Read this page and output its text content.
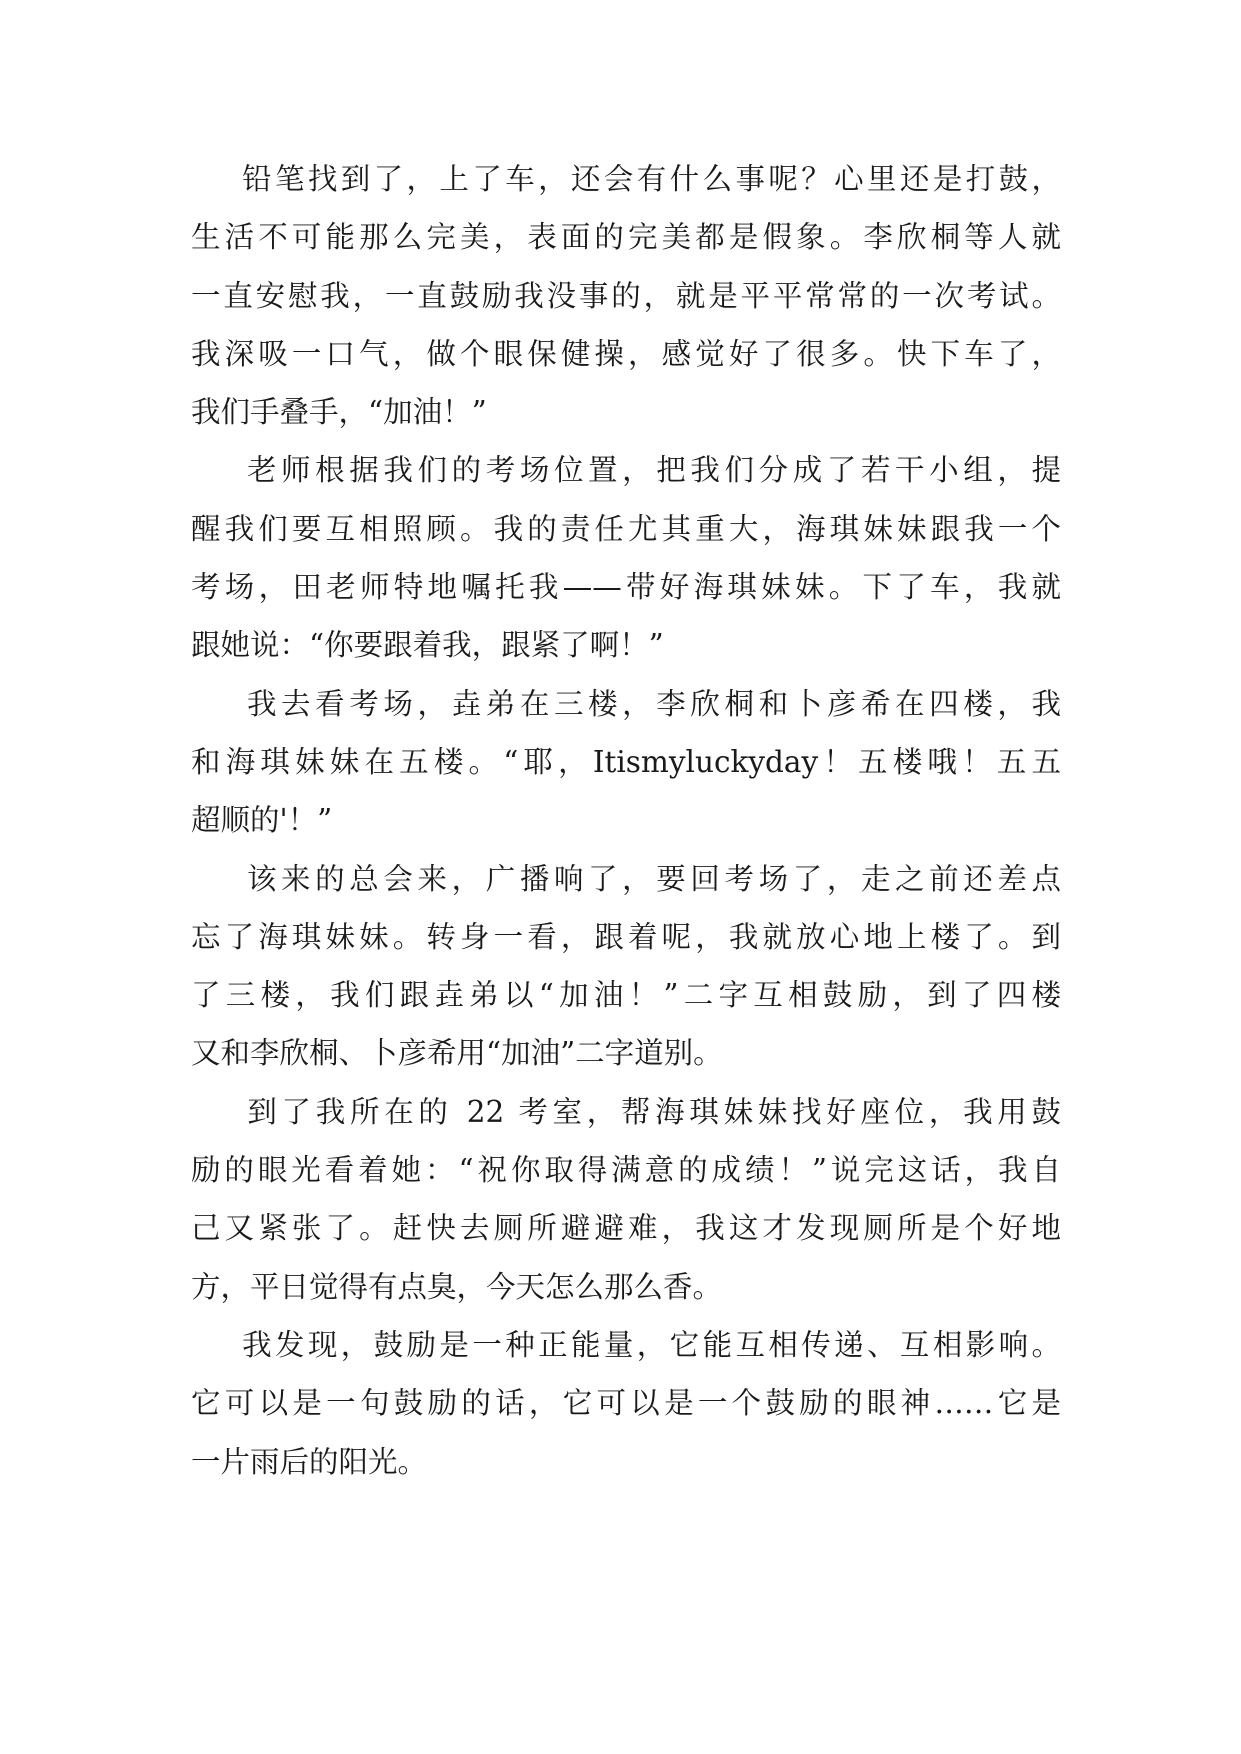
铅笔找到了，上了车，还会有什么事呢？心里还是打鼓，
生活不可能那么完美，表面的完美都是假象。李欣桐等人就
一直安慰我，一直鼓励我没事的，就是平平常常的一次考试。
我深吸一口气，做个眼保健操，感觉好了很多。快下车了，
我们手叠手，“加油！”

老师根据我们的考场位置，把我们分成了若干小组，提
醒我们要互相照顾。我的责任尤其重大，海琪妹妹跟我一个
考场，田老师特地嘱托我——带好海琪妹妹。下了车，我就
跟她说：“你要跟着我，跟紧了啊！”

我去看考场，垚弟在三楼，李欣桐和卜彦希在四楼，我
和海琪妹妹在五楼。“耶，Itismyluckyday！五楼哦！五五
超顺的'！”

该来的总会来，广播响了，要回考场了，走之前还差点
忘了海琪妹妹。转身一看，跟着呢，我就放心地上楼了。到
了三楼，我们跟垚弟以“加油！”二字互相鼓励，到了四楼
又和李欣桐、卜彦希用“加油”二字道别。

到了我所在的 22 考室，帮海琪妹妹找好座位，我用鼓
励的眼光看着她：“祝你取得满意的成绩！”说完这话，我自
己又紧张了。赶快去厕所避避难，我这才发现厕所是个好地
方，平日觉得有点臭，今天怎么那么香。

我发现，鼓励是一种正能量，它能互相传递、互相影响。
它可以是一句鼓励的话，它可以是一个鼓励的眼神……它是
一片雨后的阳光。
